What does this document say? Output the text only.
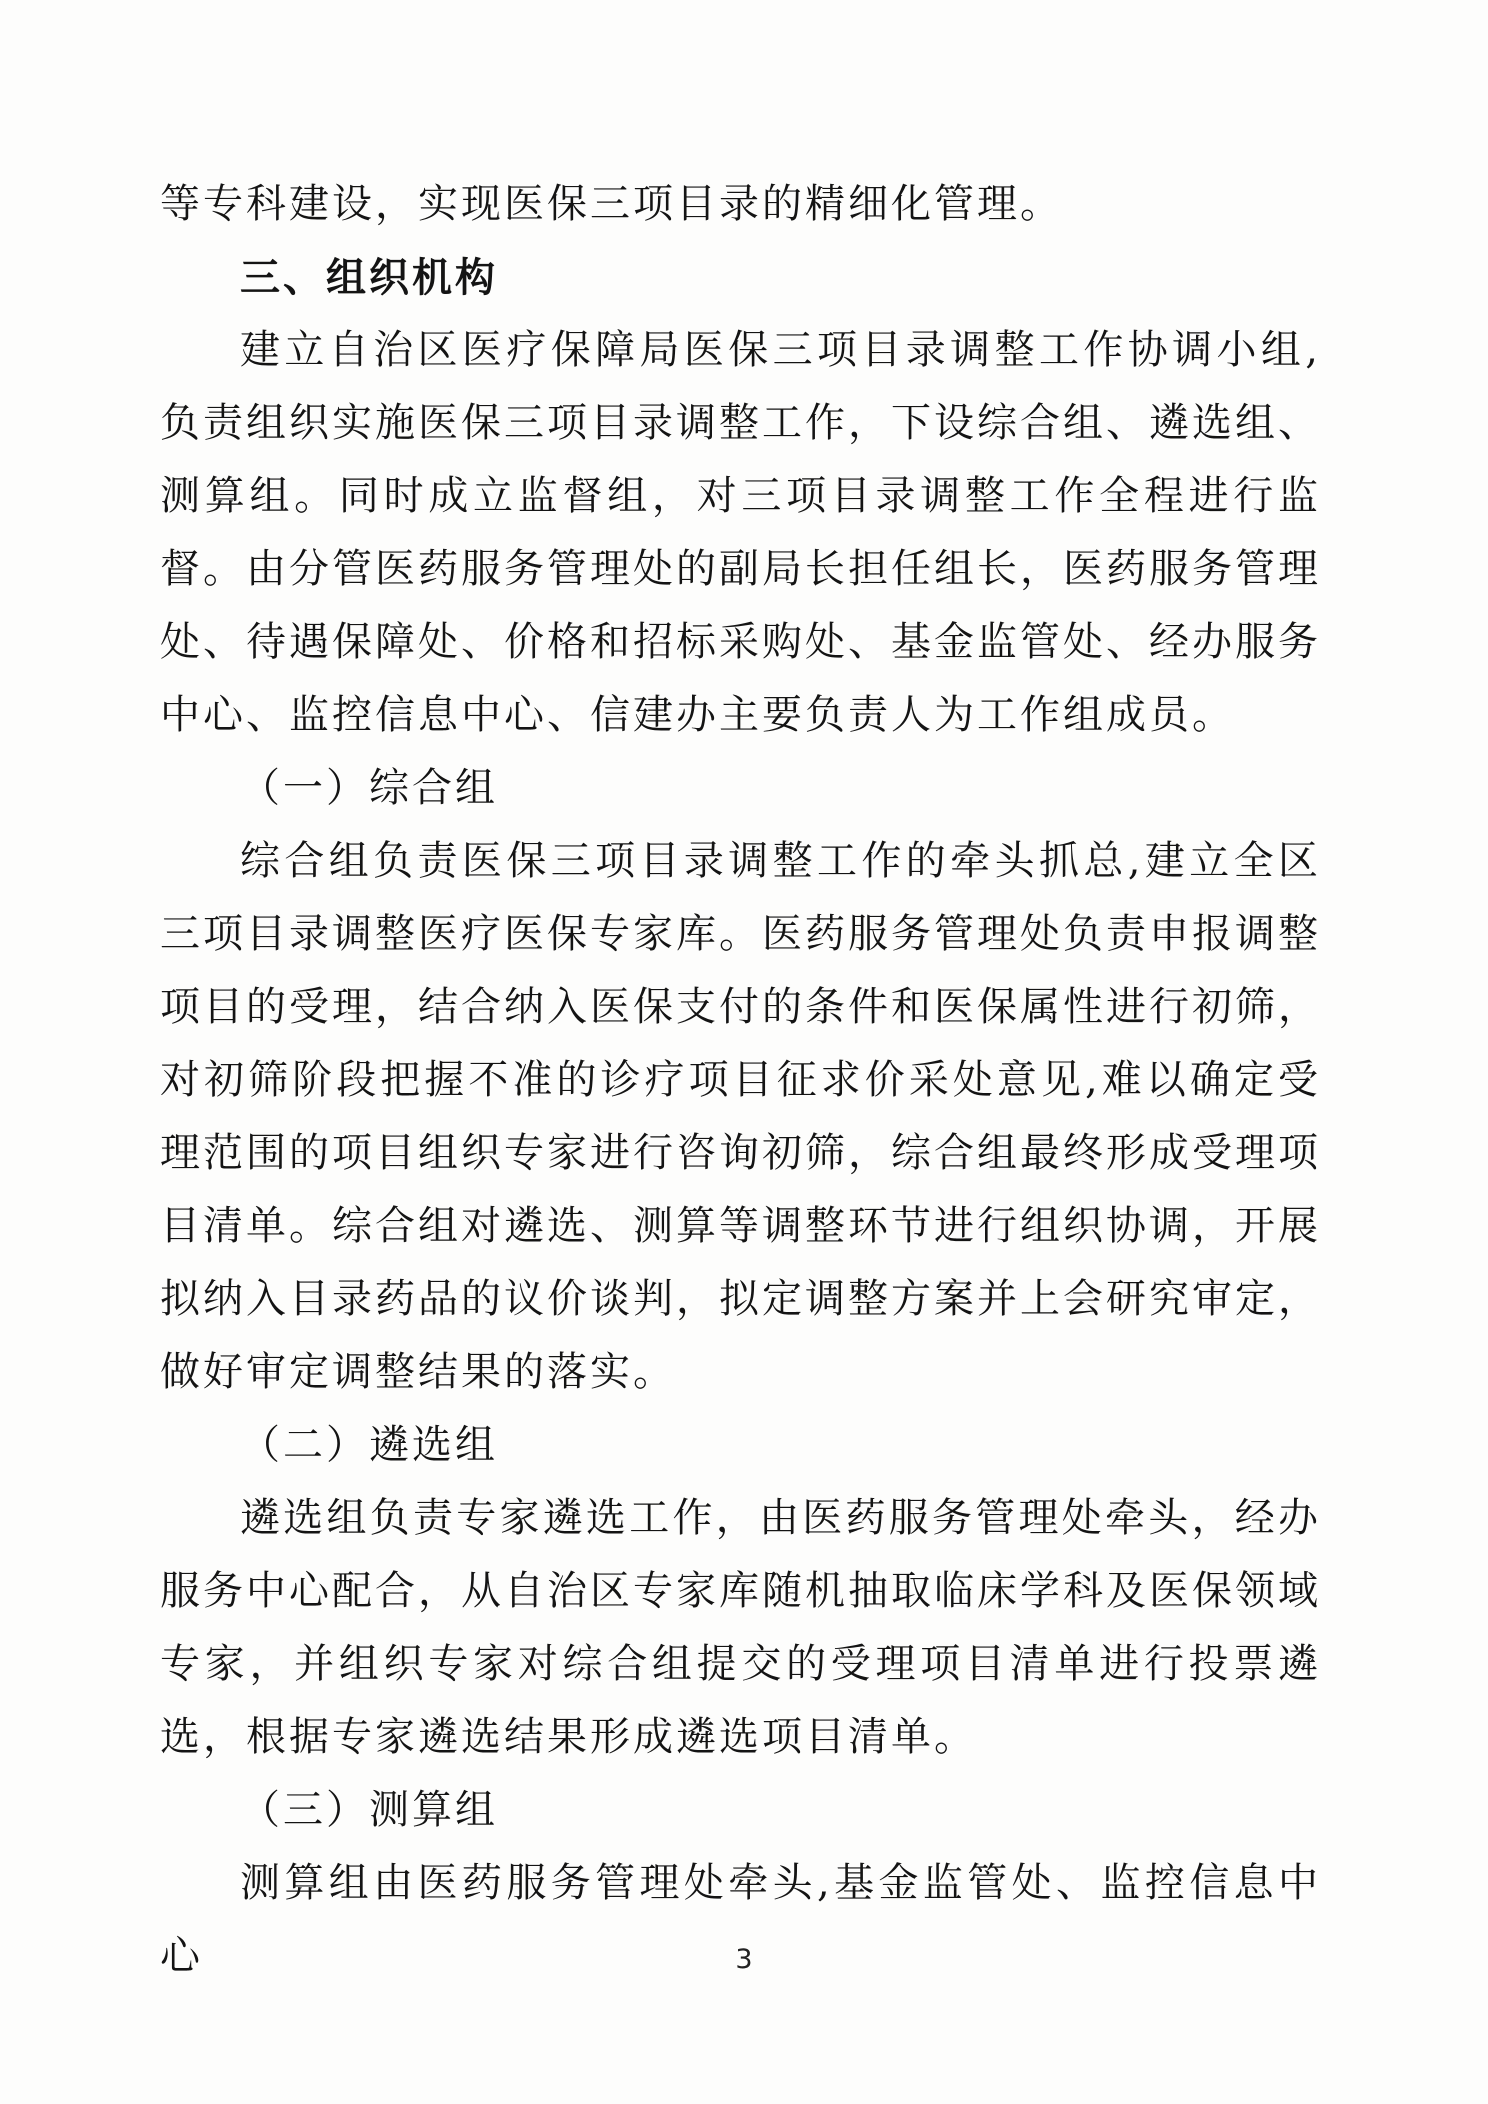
等专科建设，实现医保三项目录的精细化管理。

三、组织机构

建立自治区医疗保障局医保三项目录调整工作协调小组,负责组织实施医保三项目录调整工作，下设综合组、遴选组、测算组。同时成立监督组，对三项目录调整工作全程进行监督。由分管医药服务管理处的副局长担任组长，医药服务管理处、待遇保障处、价格和招标采购处、基金监管处、经办服务中心、监控信息中心、信建办主要负责人为工作组成员。

（一）综合组

综合组负责医保三项目录调整工作的牵头抓总,建立全区三项目录调整医疗医保专家库。医药服务管理处负责申报调整项目的受理，结合纳入医保支付的条件和医保属性进行初筛，对初筛阶段把握不准的诊疗项目征求价采处意见,难以确定受理范围的项目组织专家进行咨询初筛，综合组最终形成受理项目清单。综合组对遴选、测算等调整环节进行组织协调，开展拟纳入目录药品的议价谈判，拟定调整方案并上会研究审定，做好审定调整结果的落实。

（二）遴选组

遴选组负责专家遴选工作，由医药服务管理处牵头，经办服务中心配合，从自治区专家库随机抽取临床学科及医保领域专家，并组织专家对综合组提交的受理项目清单进行投票遴选，根据专家遴选结果形成遴选项目清单。

（三）测算组

测算组由医药服务管理处牵头,基金监管处、监控信息中心	3
